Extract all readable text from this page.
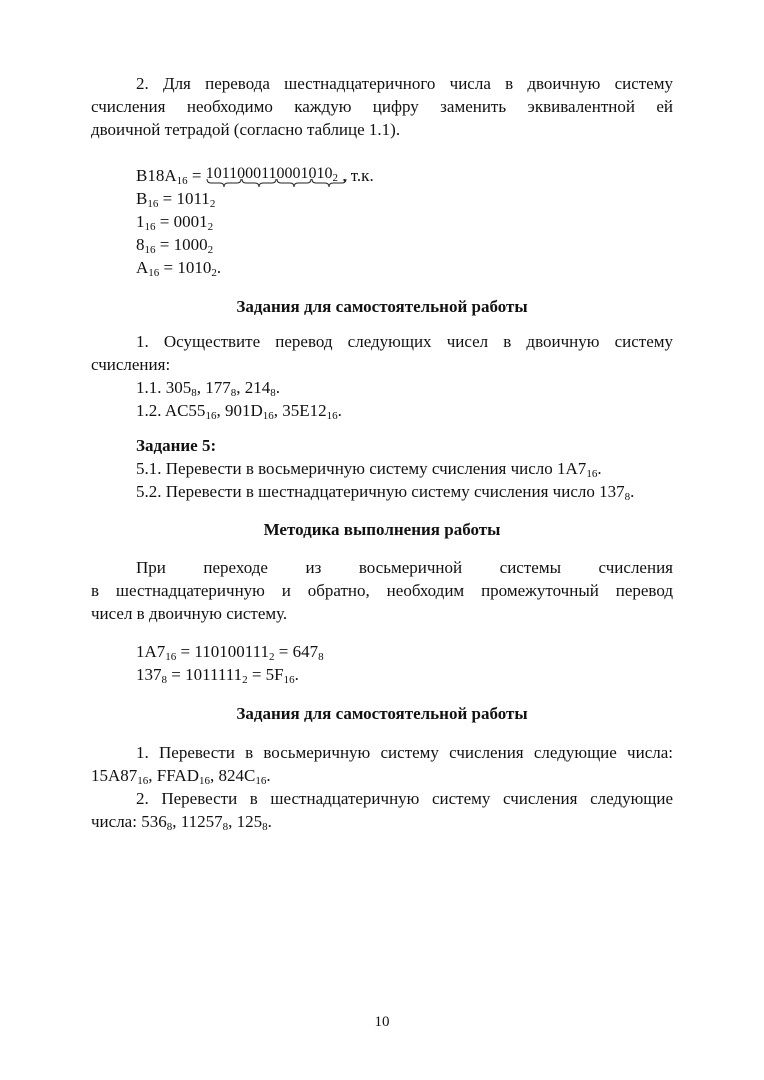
2. Для перевода шестнадцатеричного числа в двоичную систему
счисления необходимо каждую цифру заменить эквивалентной ей
двоичной тетрадой (согласно таблице 1.1).
$B18A_{16} = 1011000110001010_2$
, т.к.
$B_{16} = 1011_2$
$1_{16} = 0001_2$
$8_{16} = 1000_2$
$A_{16} = 1010_2$.
Задания для самостоятельной работы
1. Осуществите перевод следующих чисел в двоичную систему
счисления:
1.1. $305_8$, $177_8$, $214_8$.
1.2. $AC55_{16}$, $901D_{16}$, $35E12_{16}$.
Задание 5:
5.1. Перевести в восьмеричную систему счисления число $1A7_{16}$.
5.2. Перевести в шестнадцатеричную систему счисления число $137_8$.
Методика выполнения работы
При переходе из восьмеричной системы счисления
в шестнадцатеричную и обратно, необходим промежуточный перевод
чисел в двоичную систему.
$1A7_{16} = 110100111_2 = 647_8$
$137_8 = 1011111_2 = 5F_{16}$.
Задания для самостоятельной работы
1. Перевести в восьмеричную систему счисления следующие числа:
$15A87_{16}$, $FFAD_{16}$, $824C_{16}$.
2. Перевести в шестнадцатеричную систему счисления следующие
числа: $536_8$, $11257_8$, $125_8$.
10
